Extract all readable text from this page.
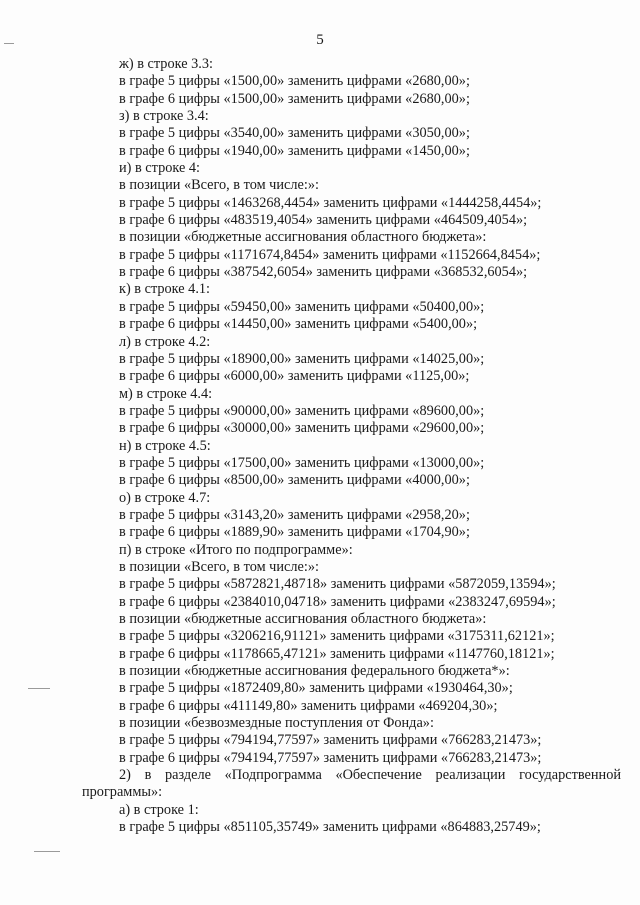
5
ж) в строке 3.3:
в графе 5 цифры «1500,00» заменить цифрами «2680,00»;
в графе 6 цифры «1500,00» заменить цифрами «2680,00»;
з) в строке 3.4:
в графе 5 цифры «3540,00» заменить цифрами «3050,00»;
в графе 6 цифры «1940,00» заменить цифрами «1450,00»;
и) в строке 4:
в позиции «Всего, в том числе:»:
в графе 5 цифры «1463268,4454» заменить цифрами «1444258,4454»;
в графе 6 цифры «483519,4054» заменить цифрами «464509,4054»;
в позиции «бюджетные ассигнования областного бюджета»:
в графе 5 цифры «1171674,8454» заменить цифрами «1152664,8454»;
в графе 6 цифры «387542,6054» заменить цифрами «368532,6054»;
к) в строке 4.1:
в графе 5 цифры «59450,00» заменить цифрами «50400,00»;
в графе 6 цифры «14450,00» заменить цифрами «5400,00»;
л) в строке 4.2:
в графе 5 цифры «18900,00» заменить цифрами «14025,00»;
в графе 6 цифры «6000,00» заменить цифрами «1125,00»;
м) в строке 4.4:
в графе 5 цифры «90000,00» заменить цифрами «89600,00»;
в графе 6 цифры «30000,00» заменить цифрами «29600,00»;
н) в строке 4.5:
в графе 5 цифры «17500,00» заменить цифрами «13000,00»;
в графе 6 цифры «8500,00» заменить цифрами «4000,00»;
о) в строке 4.7:
в графе 5 цифры «3143,20» заменить цифрами «2958,20»;
в графе 6 цифры «1889,90» заменить цифрами «1704,90»;
п) в строке «Итого по подпрограмме»:
в позиции «Всего, в том числе:»:
в графе 5 цифры «5872821,48718» заменить цифрами «5872059,13594»;
в графе 6 цифры «2384010,04718» заменить цифрами «2383247,69594»;
в позиции «бюджетные ассигнования областного бюджета»:
в графе 5 цифры «3206216,91121» заменить цифрами «3175311,62121»;
в графе 6 цифры «1178665,47121» заменить цифрами «1147760,18121»;
в позиции «бюджетные ассигнования федерального бюджета*»:
в графе 5 цифры «1872409,80» заменить цифрами «1930464,30»;
в графе 6 цифры «411149,80» заменить цифрами «469204,30»;
в позиции «безвозмездные поступления от Фонда»:
в графе 5 цифры «794194,77597» заменить цифрами «766283,21473»;
в графе 6 цифры «794194,77597» заменить цифрами «766283,21473»;
2) в разделе «Подпрограмма «Обеспечение реализации государственной программы»:
а) в строке 1:
в графе 5 цифры «851105,35749» заменить цифрами «864883,25749»;
